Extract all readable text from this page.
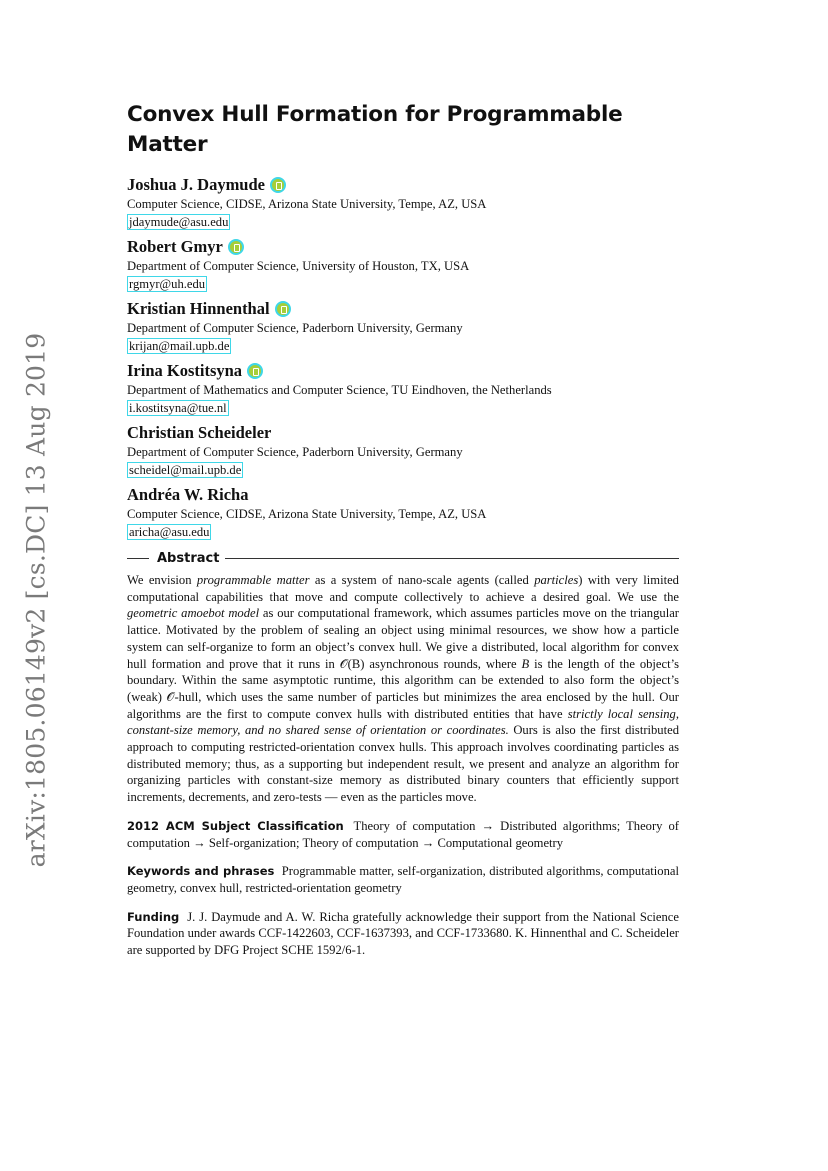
arXiv:1805.06149v2 [cs.DC] 13 Aug 2019
Convex Hull Formation for Programmable Matter
Joshua J. Daymude
Computer Science, CIDSE, Arizona State University, Tempe, AZ, USA
jdaymude@asu.edu
Robert Gmyr
Department of Computer Science, University of Houston, TX, USA
rgmyr@uh.edu
Kristian Hinnenthal
Department of Computer Science, Paderborn University, Germany
krijan@mail.upb.de
Irina Kostitsyna
Department of Mathematics and Computer Science, TU Eindhoven, the Netherlands
i.kostitsyna@tue.nl
Christian Scheideler
Department of Computer Science, Paderborn University, Germany
scheidel@mail.upb.de
Andréa W. Richa
Computer Science, CIDSE, Arizona State University, Tempe, AZ, USA
aricha@asu.edu
Abstract

We envision programmable matter as a system of nano-scale agents (called particles) with very limited computational capabilities that move and compute collectively to achieve a desired goal. We use the geometric amoebot model as our computational framework, which assumes particles move on the triangular lattice. Motivated by the problem of sealing an object using minimal resources, we show how a particle system can self-organize to form an object’s convex hull. We give a distributed, local algorithm for convex hull formation and prove that it runs in 𝒪(B) asynchronous rounds, where B is the length of the object’s boundary. Within the same asymptotic runtime, this algorithm can be extended to also form the object’s (weak) 𝒪-hull, which uses the same number of particles but minimizes the area enclosed by the hull. Our algorithms are the first to compute convex hulls with distributed entities that have strictly local sensing, constant-size memory, and no shared sense of orientation or coordinates. Ours is also the first distributed approach to computing restricted-orientation convex hulls. This approach involves coordinating particles as distributed memory; thus, as a supporting but independent result, we present and analyze an algorithm for organizing particles with constant-size memory as distributed binary counters that efficiently support increments, decrements, and zero-tests — even as the particles move.

2012 ACM Subject Classification Theory of computation → Distributed algorithms; Theory of computation → Self-organization; Theory of computation → Computational geometry
Keywords and phrases Programmable matter, self-organization, distributed algorithms, computational geometry, convex hull, restricted-orientation geometry
Funding J. J. Daymude and A. W. Richa gratefully acknowledge their support from the National Science Foundation under awards CCF-1422603, CCF-1637393, and CCF-1733680. K. Hinnenthal and C. Scheideler are supported by DFG Project SCHE 1592/6-1.
